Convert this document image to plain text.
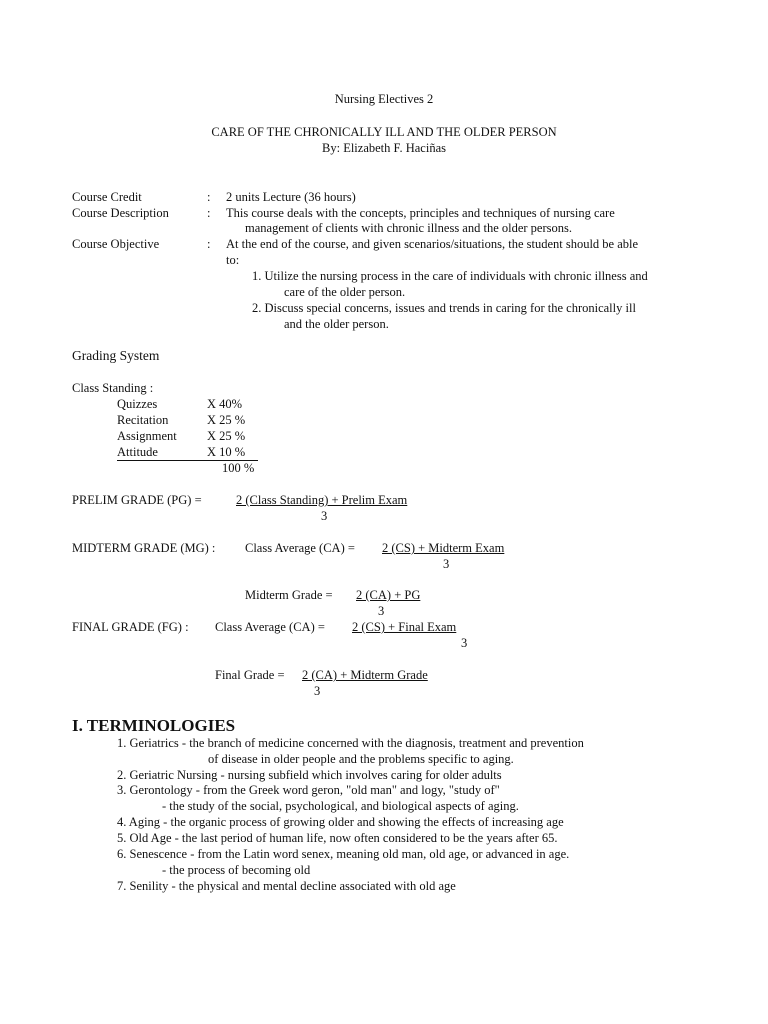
Nursing Electives 2
CARE OF THE CHRONICALLY ILL AND THE OLDER PERSON
By: Elizabeth F. Haciñas
Course Credit	: 2 units Lecture (36 hours)
Course Description	: This course deals with the concepts, principles and techniques of nursing care
management of clients with chronic illness and the older persons.
Course Objective	: At the end of the course, and given scenarios/situations, the student should be able
to:
1. Utilize the nursing process in the care of individuals with chronic illness and
care of the older person.
2. Discuss special concerns, issues and trends in caring for the chronically ill
and the older person.
Grading System
Class Standing :
Quizzes	X 40%
Recitation	X 25 %
Assignment X 25 %
Attitude	X 10 %
100 %
PRELIM GRADE (PG) =	2 (Class Standing) + Prelim Exam
3
MIDTERM GRADE (MG) : Class Average (CA) = 2 (CS) + Midterm Exam
3
Midterm Grade = 2 (CA) + PG
3
FINAL GRADE (FG) : Class Average (CA) = 2 (CS) + Final Exam
3
Final Grade = 2 (CA) + Midterm Grade
3
I. TERMINOLOGIES
1. Geriatrics - the branch of medicine concerned with the diagnosis, treatment and prevention
of disease in older people and the problems specific to aging.
2. Geriatric Nursing - nursing subfield which involves caring for older adults
3. Gerontology - from the Greek word geron, "old man" and logy, "study of"
- the study of the social, psychological, and biological aspects of aging.
4. Aging - the organic process of growing older and showing the effects of increasing age
5. Old Age - the last period of human life, now often considered to be the years after 65.
6. Senescence - from the Latin word senex, meaning old man, old age, or advanced in age.
- the process of becoming old
7. Senility - the physical and mental decline associated with old age
